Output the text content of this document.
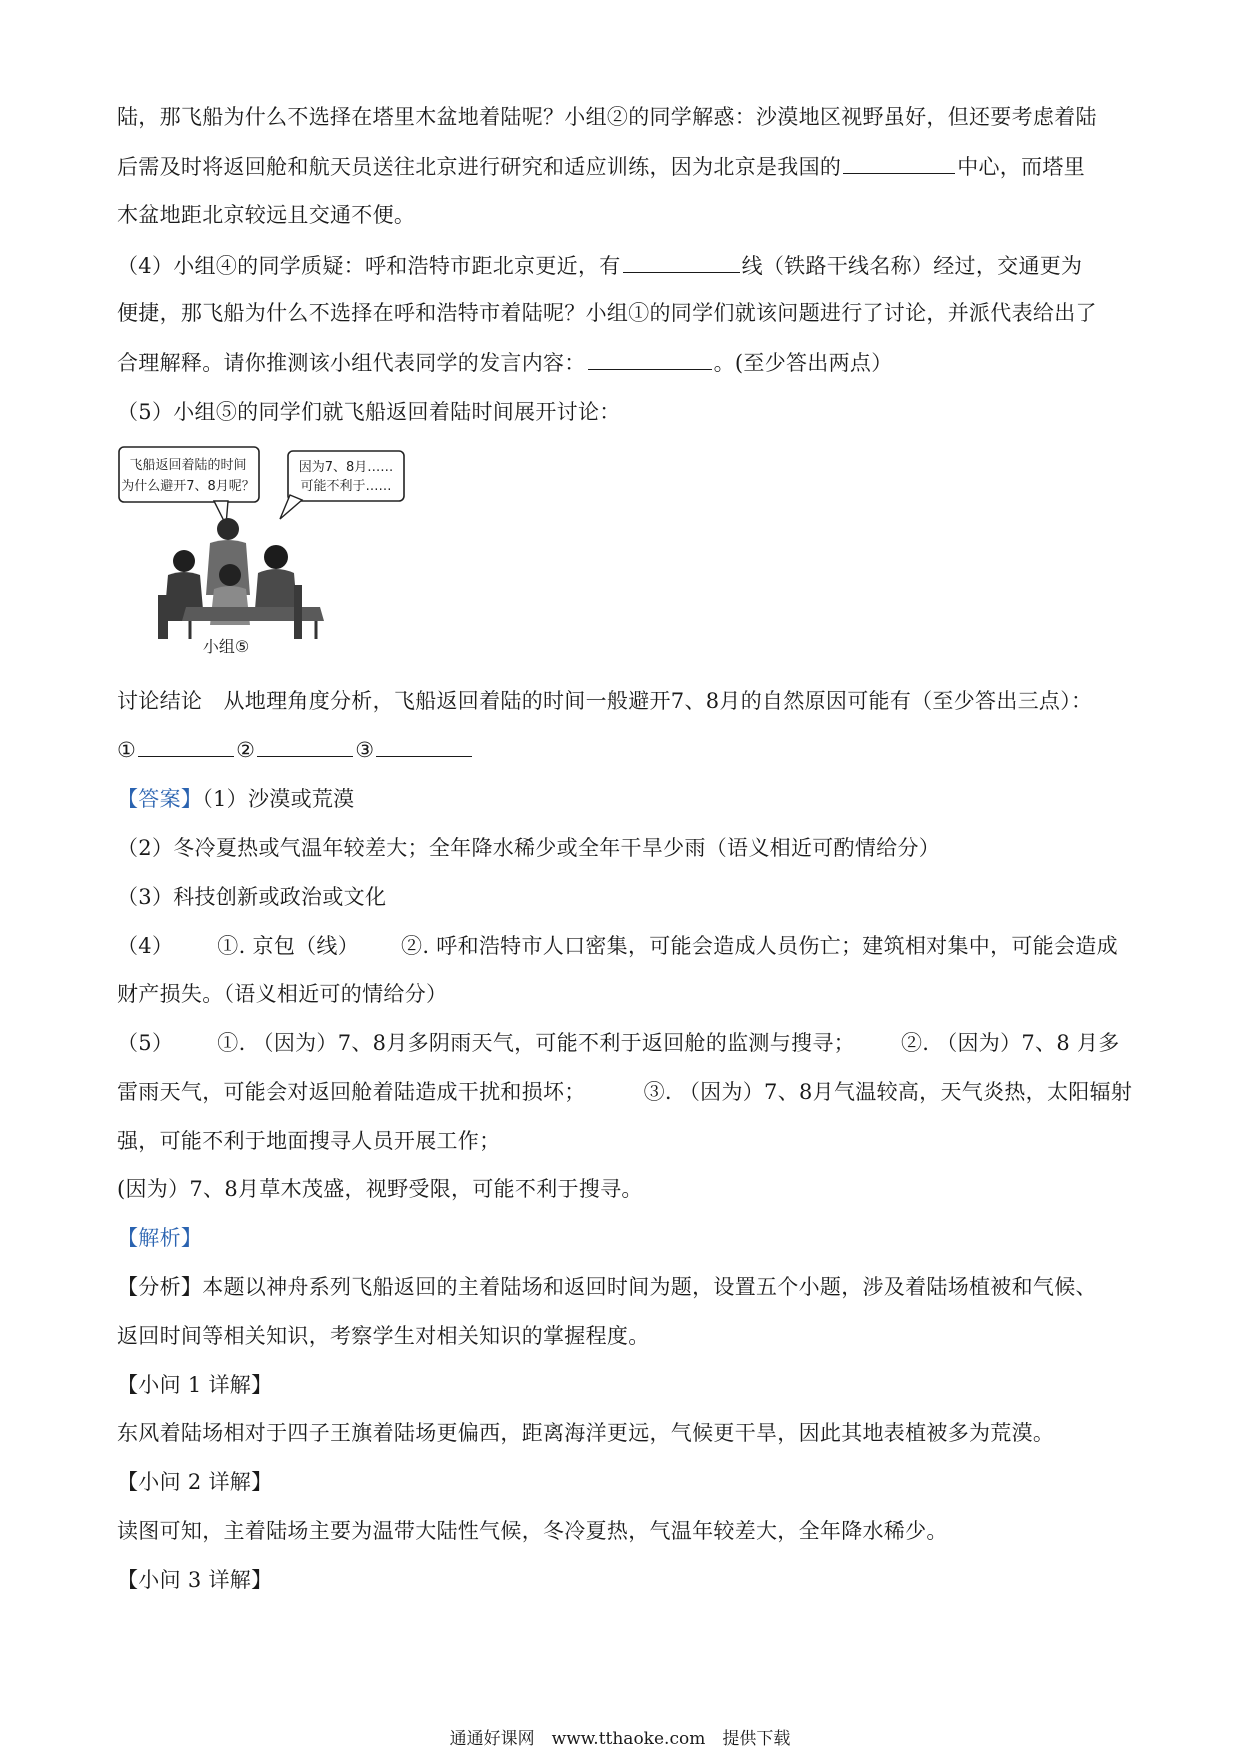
陆，那飞船为什么不选择在塔里木盆地着陆呢？小组②的同学解惑：沙漠地区视野虽好，但还要考虑着陆
后需及时将返回舱和航天员送往北京进行研究和适应训练，因为北京是我国的	中心，而塔里
木盆地距北京较远且交通不便。
（4）小组④的同学质疑：呼和浩特市距北京更近，有	线（铁路干线名称）经过，交通更为
便捷，那飞船为什么不选择在呼和浩特市着陆呢？小组①的同学们就该问题进行了讨论，并派代表给出了
合理解释。请你推测该小组代表同学的发言内容：	。(至少答出两点）
（5）小组⑤的同学们就飞船返回着陆时间展开讨论：
飞船返回着陆的时间
为什么避开7、8月呢？
因为7、8月……
可能不利于……
小组⑤
讨论结论　从地理角度分析，飞船返回着陆的时间一般避开7、8月的自然原因可能有（至少答出三点）：
①	②	③
【答案】（1）沙漠或荒漠
（2）冬冷夏热或气温年较差大；全年降水稀少或全年干旱少雨（语义相近可酌情给分）
（3）科技创新或政治或文化
（4） ①. 京包（线） ②. 呼和浩特市人口密集，可能会造成人员伤亡；建筑相对集中，可能会造成
财产损失。（语义相近可的情给分）
（5） ①. （因为）7、8月多阴雨天气，可能不利于返回舱的监测与搜寻； ②. （因为）7、8 月多
雷雨天气，可能会对返回舱着陆造成干扰和损坏；	③. （因为）7、8月气温较高，天气炎热，太阳辐射
强，可能不利于地面搜寻人员开展工作；
(因为）7、8月草木茂盛，视野受限，可能不利于搜寻。
【解析】
【分析】本题以神舟系列飞船返回的主着陆场和返回时间为题，设置五个小题，涉及着陆场植被和气候、
返回时间等相关知识，考察学生对相关知识的掌握程度。
【小问 1 详解】
东风着陆场相对于四子王旗着陆场更偏西，距离海洋更远，气候更干旱，因此其地表植被多为荒漠。
【小问 2 详解】
读图可知，主着陆场主要为温带大陆性气候，冬冷夏热，气温年较差大，全年降水稀少。
【小问 3 详解】
通通好课网　www.tthaoke.com　提供下载
